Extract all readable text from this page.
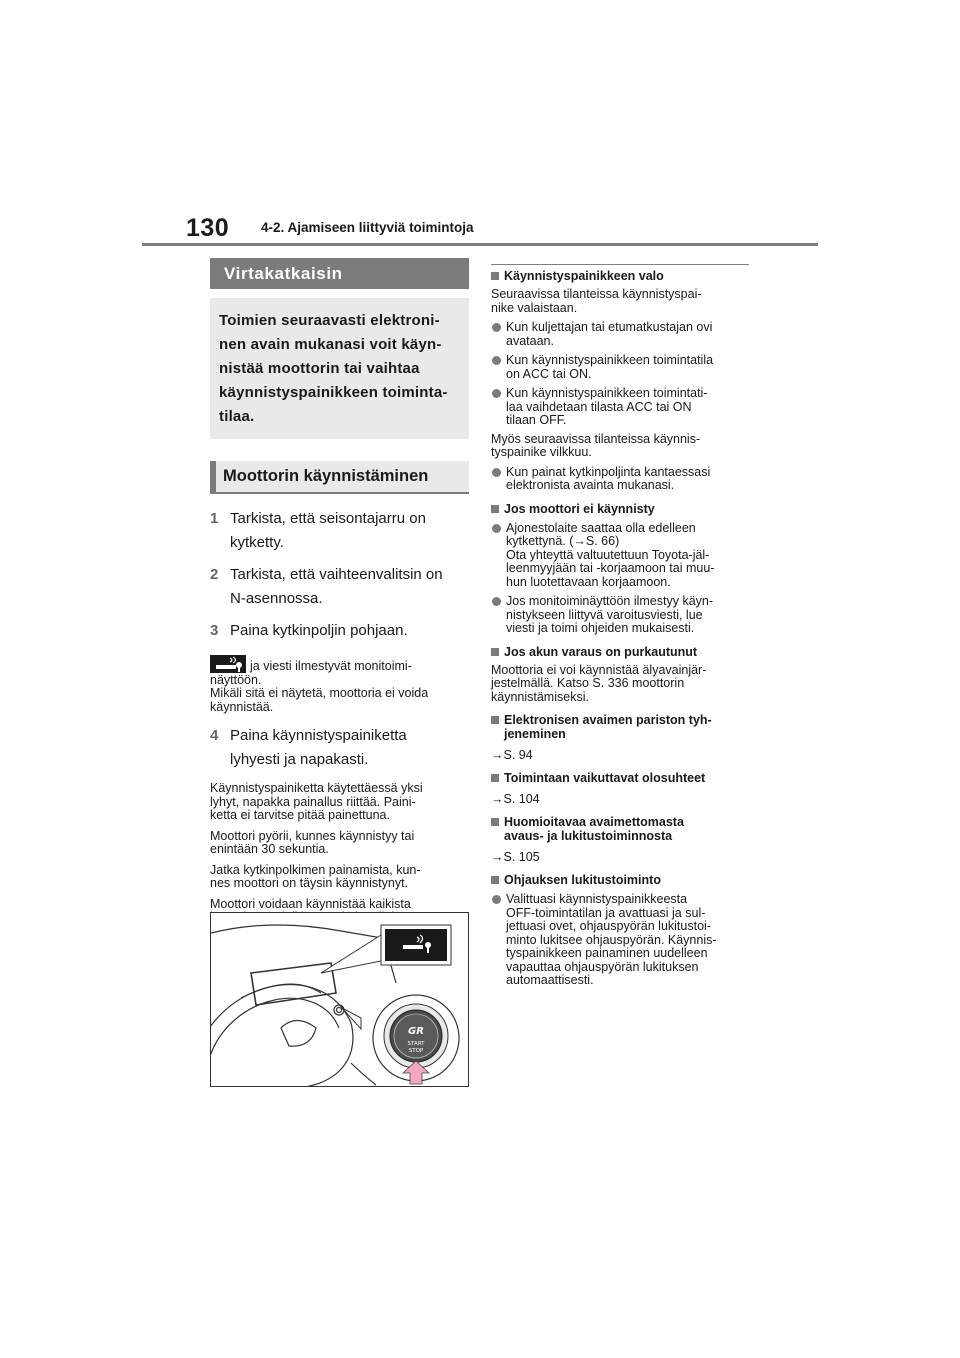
130 4-2. Ajamiseen liittyviä toimintoja
Virtakatkaisin
Toimien seuraavasti elektroni-
nen avain mukanasi voit käyn-
nistää moottorin tai vaihtaa
käynnistyspainikkeen toiminta-
tilaa.
Moottorin käynnistäminen
1 Tarkista, että seisontajarru on
kytketty.
2 Tarkista, että vaihteenvalitsin on
N-asennossa.
3 Paina kytkinpoljin pohjaan.
ja viesti ilmestyvät monitoimi-
näyttöön.
Mikäli sitä ei näytetä, moottoria ei voida
käynnistää.
4 Paina käynnistyspainiketta
lyhyesti ja napakasti.
Käynnistyspainiketta käytettäessä yksi
lyhyt, napakka painallus riittää. Paini-
ketta ei tarvitse pitää painettuna.
Moottori pyörii, kunnes käynnistyy tai
enintään 30 sekuntia.
Jatka kytkinpolkimen painamista, kun-
nes moottori on täysin käynnistynyt.
Moottori voidaan käynnistää kaikista
GR
START
STOP
Käynnistyspainikkeen valo
Seuraavissa tilanteissa käynnistyspai-
nike valaistaan.
Kun kuljettajan tai etumatkustajan ovi
avataan.
Kun käynnistyspainikkeen toimintatila
on ACC tai ON.
Kun käynnistyspainikkeen toimintati-
laa vaihdetaan tilasta ACC tai ON
tilaan OFF.
Myös seuraavissa tilanteissa käynnis-
tyspainike vilkkuu.
Kun painat kytkinpoljinta kantaessasi
elektronista avainta mukanasi.
Jos moottori ei käynnisty
Ajonestolaite saattaa olla edelleen
kytkettynä. (→S. 66)
Ota yhteyttä valtuutettuun Toyota-jäl-
leenmyyjään tai -korjaamoon tai muu-
hun luotettavaan korjaamoon.
Jos monitoiminäyttöön ilmestyy käyn-
nistykseen liittyvä varoitusviesti, lue
viesti ja toimi ohjeiden mukaisesti.
Jos akun varaus on purkautunut
Moottoria ei voi käynnistää älyavainjär-
jestelmällä. Katso S. 336 moottorin
käynnistämiseksi.
Elektronisen avaimen pariston tyh-
jeneminen
→S. 94
Toimintaan vaikuttavat olosuhteet
→S. 104
Huomioitavaa avaimettomasta
avaus- ja lukitustoiminnosta
→S. 105
Ohjauksen lukitustoiminto
Valittuasi käynnistyspainikkeesta
OFF-toimintatilan ja avattuasi ja sul-
jettuasi ovet, ohjauspyörän lukitustoi-
minto lukitsee ohjauspyörän. Käynnis-
tyspainikkeen painaminen uudelleen
vapauttaa ohjauspyörän lukituksen
automaattisesti.
